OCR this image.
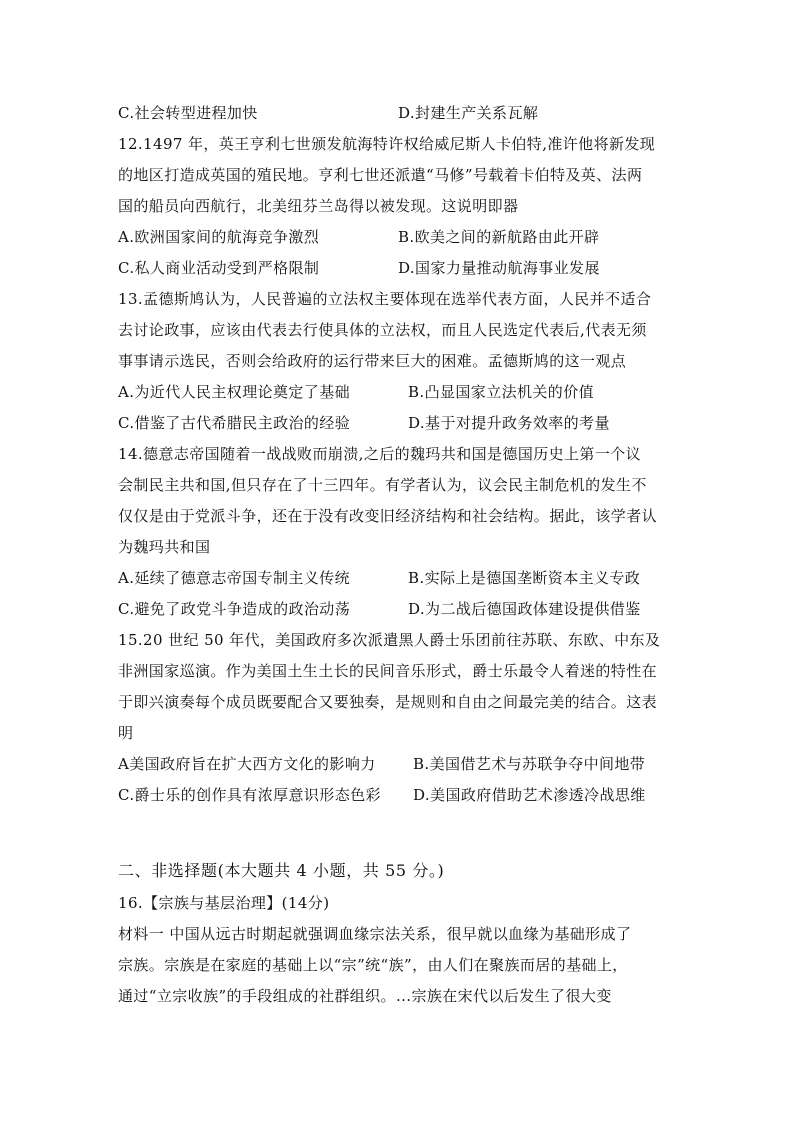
C.社会转型进程加快	D.封建生产关系瓦解
12.1497 年，英王亨利七世颁发航海特许权给威尼斯人卡伯特,准许他将新发现
的地区打造成英国的殖民地。亨利七世还派遣“马修”号载着卡伯特及英、法两
国的船员向西航行，北美纽芬兰岛得以被发现。这说明即器
A.欧洲国家间的航海竞争激烈	B.欧美之间的新航路由此开辟
C.私人商业活动受到严格限制	D.国家力量推动航海事业发展
13.孟德斯鸠认为，人民普遍的立法权主要体现在选举代表方面，人民并不适合
去讨论政事，应该由代表去行使具体的立法权，而且人民选定代表后,代表无须
事事请示选民，否则会给政府的运行带来巨大的困难。孟德斯鸠的这一观点
A.为近代人民主权理论奠定了基础	B.凸显国家立法机关的价值
C.借鉴了古代希腊民主政治的经验	D.基于对提升政务效率的考量
14.德意志帝国随着一战战败而崩溃,之后的魏玛共和国是德国历史上第一个议
会制民主共和国,但只存在了十三四年。有学者认为，议会民主制危机的发生不
仅仅是由于党派斗争，还在于没有改变旧经济结构和社会结构。据此，该学者认
为魏玛共和国
A.延续了德意志帝国专制主义传统	B.实际上是德国垄断资本主义专政
C.避免了政党斗争造成的政治动荡	D.为二战后德国政体建设提供借鉴
15.20 世纪 50 年代，美国政府多次派遣黑人爵士乐团前往苏联、东欧、中东及
非洲国家巡演。作为美国土生土长的民间音乐形式，爵士乐最令人着迷的特性在
于即兴演奏每个成员既要配合又要独奏，是规则和自由之间最完美的结合。这表
明
A美国政府旨在扩大西方文化的影响力	B.美国借艺术与苏联争夺中间地带
C.爵士乐的创作具有浓厚意识形态色彩	D.美国政府借助艺术渗透冷战思维
二、非选择题(本大题共 4 小题，共 55 分。)
16.【宗族与基层治理】(14分)
材料一 中国从远古时期起就强调血缘宗法关系，很早就以血缘为基础形成了
宗族。宗族是在家庭的基础上以“宗”统“族”，由人们在聚族而居的基础上，
通过“立宗收族”的手段组成的社群组织。...宗族在宋代以后发生了很大变
